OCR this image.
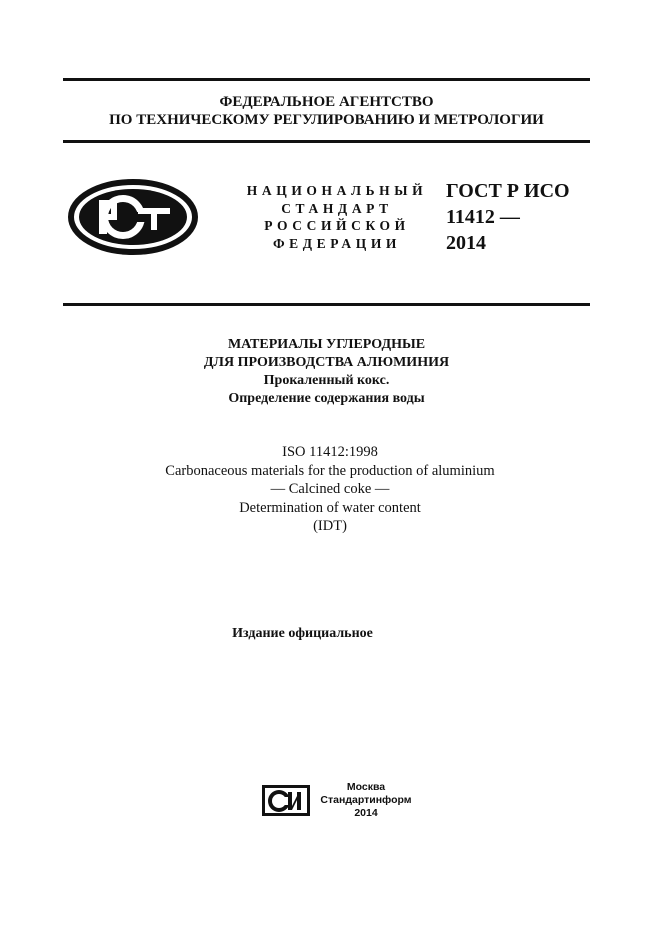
ФЕДЕРАЛЬНОЕ АГЕНТСТВО
ПО ТЕХНИЧЕСКОМУ РЕГУЛИРОВАНИЮ И МЕТРОЛОГИИ
НАЦИОНАЛЬНЫЙ
СТАНДАРТ
РОССИЙСКОЙ
ФЕДЕРАЦИИ
ГОСТ Р ИСО
11412 —
2014
МАТЕРИАЛЫ УГЛЕРОДНЫЕ
ДЛЯ ПРОИЗВОДСТВА АЛЮМИНИЯ
Прокаленный кокс.
Определение содержания воды
ISO 11412:1998
Carbonaceous materials for the production of aluminium
— Calcined coke —
Determination of water content
(IDT)
Издание официальное
Москва
Стандартинформ
2014
